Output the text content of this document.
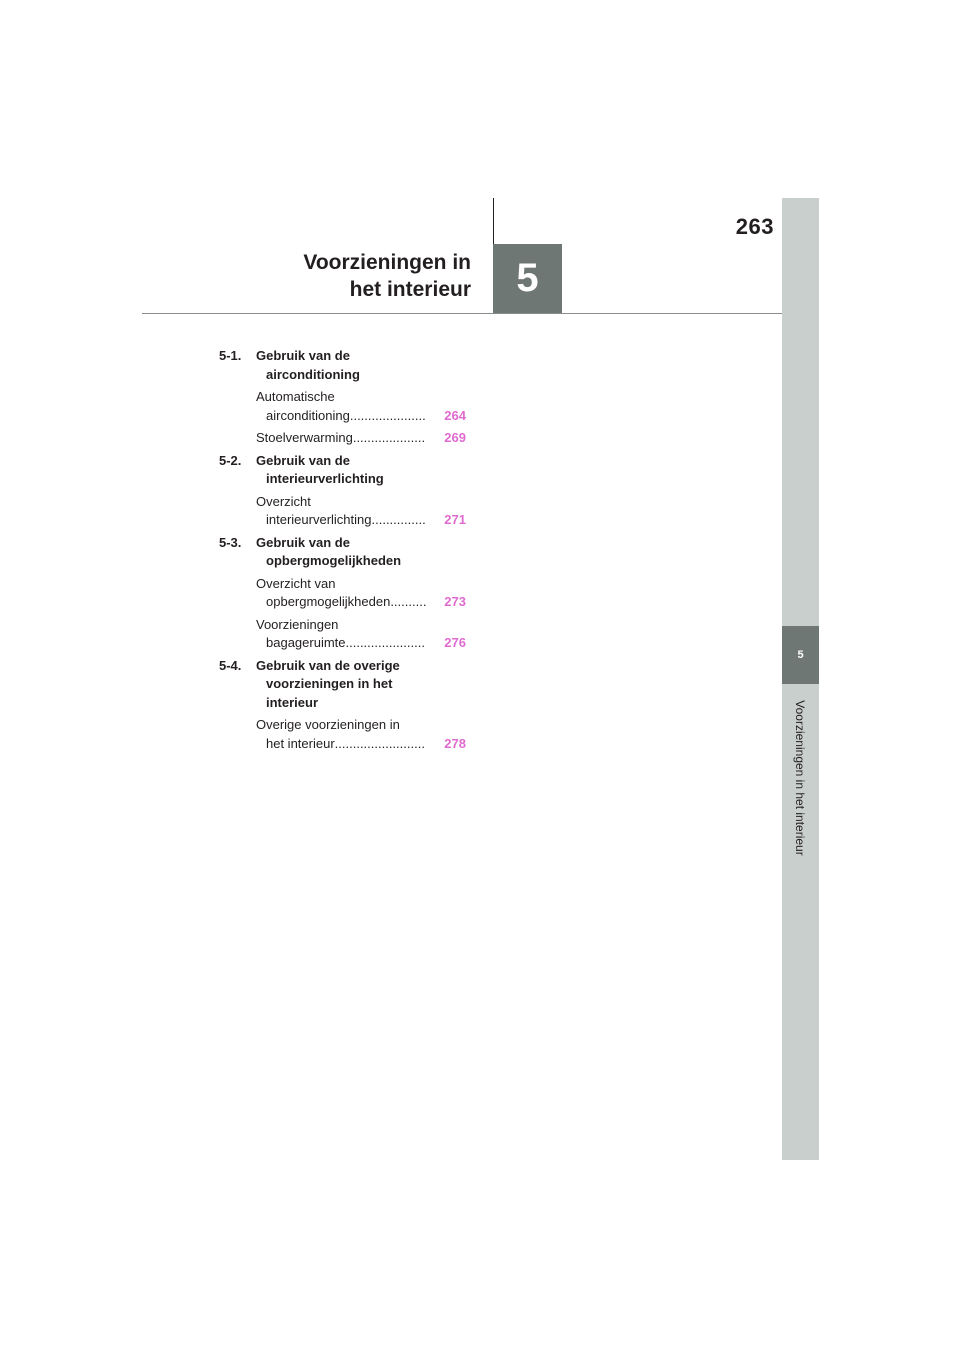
263
5
Voorzieningen in het interieur
Voorzieningen in
het interieur	5
5-1.	Gebruik van de
airconditioning
Automatische
airconditioning .....................	264
Stoelverwarming ....................	269
5-2.	Gebruik van de
interieurverlichting
Overzicht
interieurverlichting ...............	271
5-3.	Gebruik van de
opbergmogelijkheden
Overzicht van
opbergmogelijkheden ..........	273
Voorzieningen
bagageruimte ......................	276
5-4.	Gebruik van de overige
voorzieningen in het
interieur
Overige voorzieningen in
het interieur .........................	278
